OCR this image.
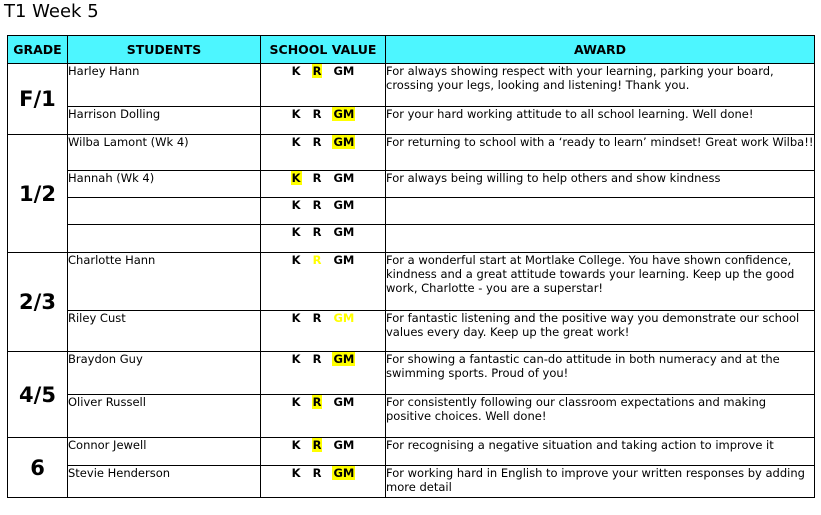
T1 Week 5
GRADE	STUDENTS	SCHOOL VALUE	AWARD
F/1	Harley Hann	K R GM	For always showing respect with your learning, parking your board, crossing your legs, looking and listening! Thank you.
	Harrison Dolling	K R GM	For your hard working attitude to all school learning. Well done!
1/2	Wilba Lamont (Wk 4)	K R GM	For returning to school with a ‘ready to learn’ mindset! Great work Wilba!!
	Hannah (Wk 4)	K R GM	For always being willing to help others and show kindness
		K R GM	
		K R GM	
2/3	Charlotte Hann	K R GM	For a wonderful start at Mortlake College. You have shown confidence, kindness and a great attitude towards your learning. Keep up the good work, Charlotte - you are a superstar!
	Riley Cust	K R GM	For fantastic listening and the positive way you demonstrate our school values every day. Keep up the great work!
4/5	Braydon Guy	K R GM	For showing a fantastic can-do attitude in both numeracy and at the swimming sports. Proud of you!
	Oliver Russell	K R GM	For consistently following our classroom expectations and making positive choices. Well done!
6	Connor Jewell	K R GM	For recognising a negative situation and taking action to improve it
	Stevie Henderson	K R GM	For working hard in English to improve your written responses by adding more detail
